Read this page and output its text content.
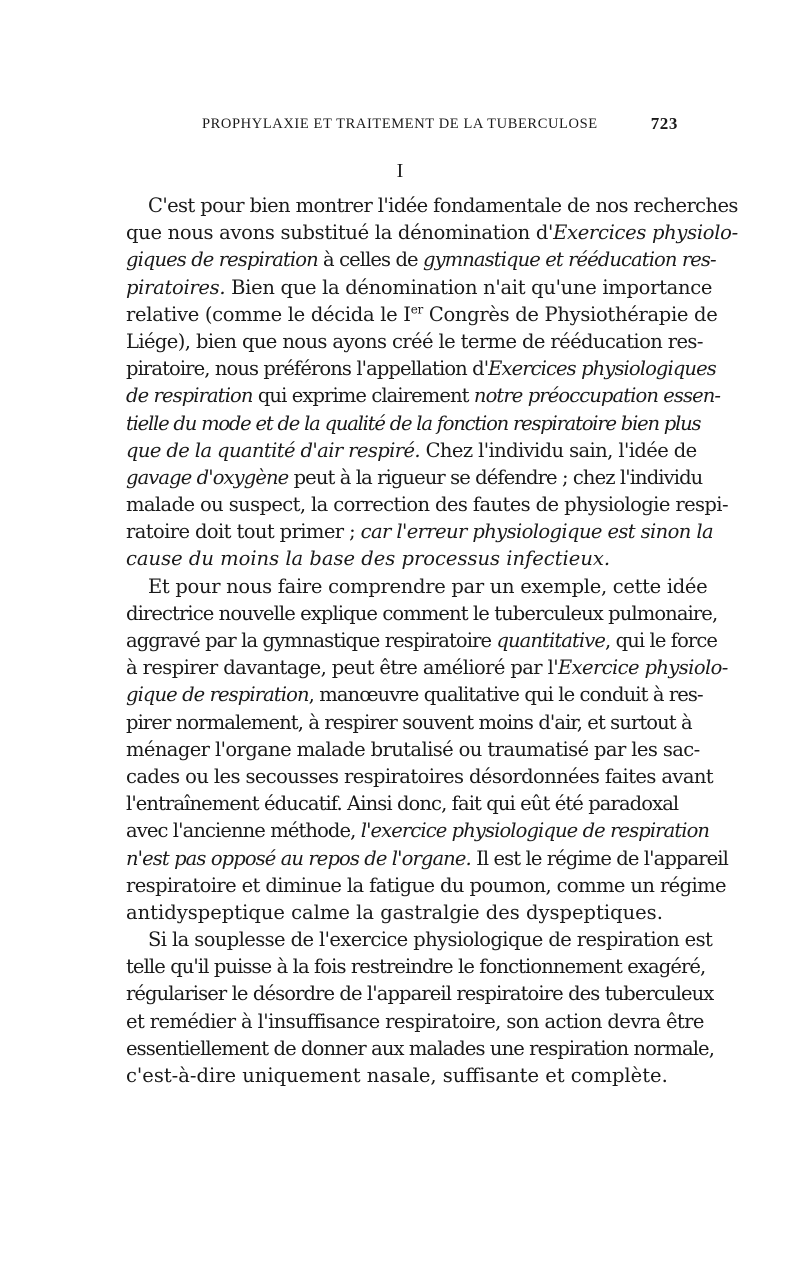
PROPHYLAXIE ET TRAITEMENT DE LA TUBERCULOSE	723
I
C'est pour bien montrer l'idée fondamentale de nos recherches
que nous avons substitué la dénomination d'Exercices physiolo-
giques de respiration à celles de gymnastique et rééducation res-
piratoires. Bien que la dénomination n'ait qu'une importance
relative (comme le décida le Ier Congrès de Physiothérapie de
Liége), bien que nous ayons créé le terme de rééducation res-
piratoire, nous préférons l'appellation d'Exercices physiologiques
de respiration qui exprime clairement notre préoccupation essen-
tielle du mode et de la qualité de la fonction respiratoire bien plus
que de la quantité d'air respiré. Chez l'individu sain, l'idée de
gavage d'oxygène peut à la rigueur se défendre ; chez l'individu
malade ou suspect, la correction des fautes de physiologie respi-
ratoire doit tout primer ; car l'erreur physiologique est sinon la
cause du moins la base des processus infectieux.
Et pour nous faire comprendre par un exemple, cette idée
directrice nouvelle explique comment le tuberculeux pulmonaire,
aggravé par la gymnastique respiratoire quantitative, qui le force
à respirer davantage, peut être amélioré par l'Exercice physiolo-
gique de respiration, manœuvre qualitative qui le conduit à res-
pirer normalement, à respirer souvent moins d'air, et surtout à
ménager l'organe malade brutalisé ou traumatisé par les sac-
cades ou les secousses respiratoires désordonnées faites avant
l'entraînement éducatif. Ainsi donc, fait qui eût été paradoxal
avec l'ancienne méthode, l'exercice physiologique de respiration
n'est pas opposé au repos de l'organe. Il est le régime de l'appareil
respiratoire et diminue la fatigue du poumon, comme un régime
antidyspeptique calme la gastralgie des dyspeptiques.
Si la souplesse de l'exercice physiologique de respiration est
telle qu'il puisse à la fois restreindre le fonctionnement exagéré,
régulariser le désordre de l'appareil respiratoire des tuberculeux
et remédier à l'insuffisance respiratoire, son action devra être
essentiellement de donner aux malades une respiration normale,
c'est-à-dire uniquement nasale, suffisante et complète.
